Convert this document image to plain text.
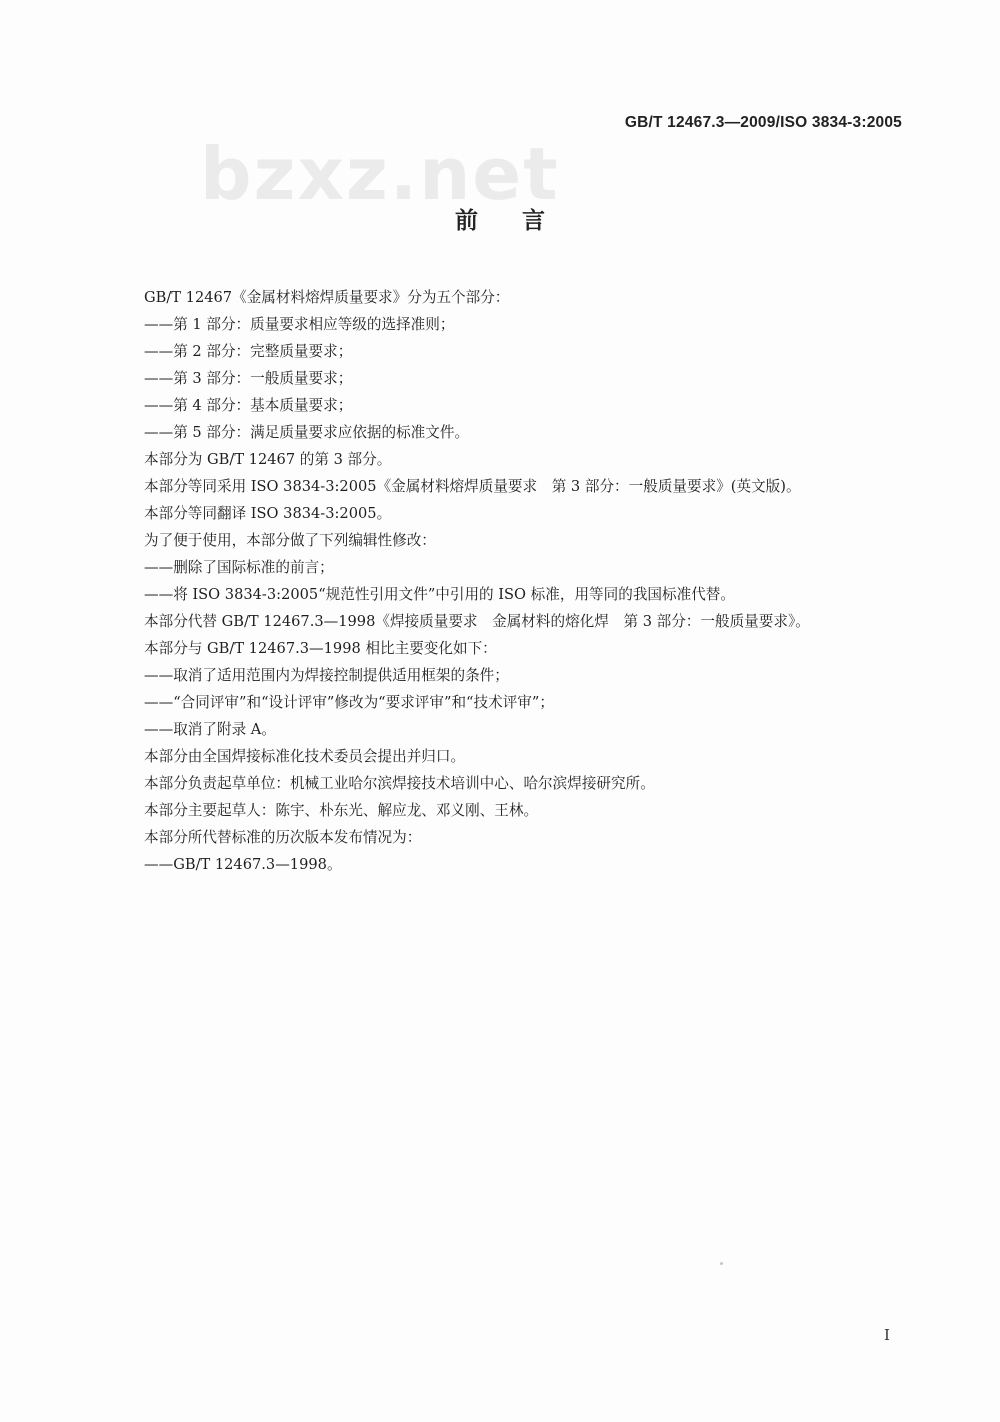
bzxz.net
GB/T 12467.3—2009/ISO 3834-3:2005
前言

GB/T 12467《金属材料熔焊质量要求》分为五个部分：

——第 1 部分：质量要求相应等级的选择准则；

——第 2 部分：完整质量要求；

——第 3 部分：一般质量要求；

——第 4 部分：基本质量要求；

——第 5 部分：满足质量要求应依据的标准文件。

本部分为 GB/T 12467 的第 3 部分。

本部分等同采用 ISO 3834-3:2005《金属材料熔焊质量要求　第 3 部分：一般质量要求》(英文版)。

本部分等同翻译 ISO 3834-3:2005。

为了便于使用，本部分做了下列编辑性修改：

——删除了国际标准的前言；

——将 ISO 3834-3:2005“规范性引用文件”中引用的 ISO 标准，用等同的我国标准代替。

本部分代替 GB/T 12467.3—1998《焊接质量要求　金属材料的熔化焊　第 3 部分：一般质量要求》。

本部分与 GB/T 12467.3—1998 相比主要变化如下：

——取消了适用范围内为焊接控制提供适用框架的条件；

——“合同评审”和“设计评审”修改为“要求评审”和“技术评审”；

——取消了附录 A。

本部分由全国焊接标准化技术委员会提出并归口。

本部分负责起草单位：机械工业哈尔滨焊接技术培训中心、哈尔滨焊接研究所。

本部分主要起草人：陈宇、朴东光、解应龙、邓义刚、王林。

本部分所代替标准的历次版本发布情况为：

——GB/T 12467.3—1998。

I
